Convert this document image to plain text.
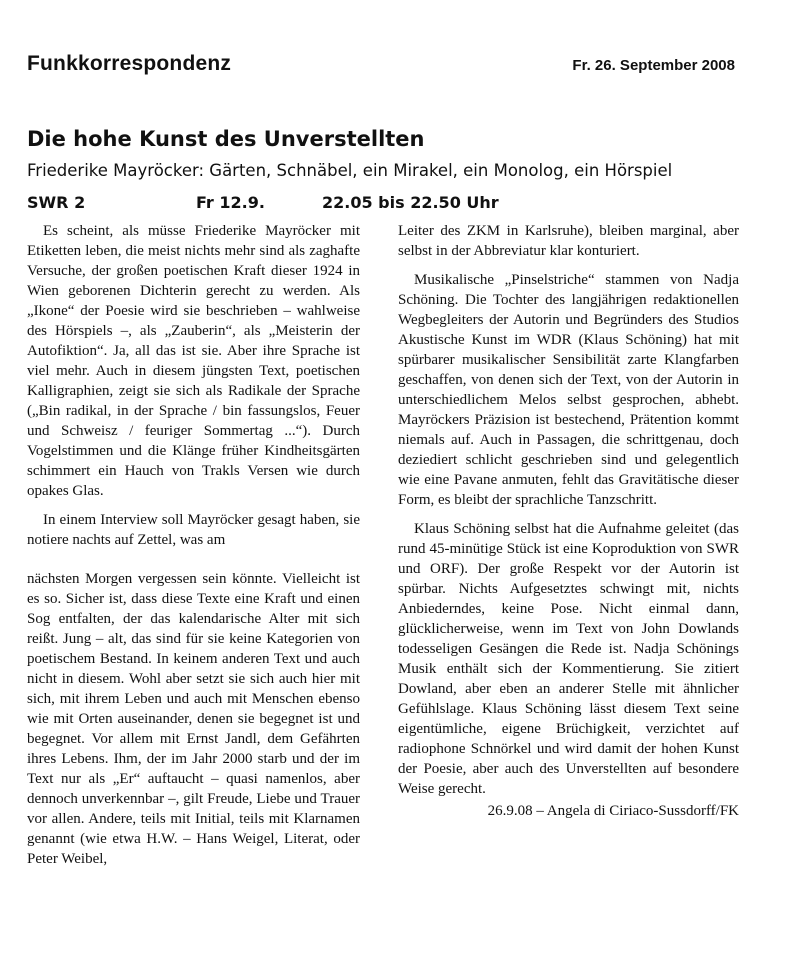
Funkkorrespondenz	Fr. 26. September 2008
Die hohe Kunst des Unverstellten
Friederike Mayröcker: Gärten, Schnäbel, ein Mirakel, ein Monolog, ein Hörspiel
SWR 2	Fr 12.9.	22.05 bis 22.50 Uhr

Es scheint, als müsse Friederike Mayröcker mit Etiketten leben, die meist nichts mehr sind als zaghafte Versuche, der großen poetischen Kraft dieser 1924 in Wien geborenen Dichterin gerecht zu werden. Als „Ikone“ der Poesie wird sie beschrieben – wahlweise des Hörspiels –, als „Zauberin“, als „Meisterin der Autofiktion“. Ja, all das ist sie. Aber ihre Sprache ist viel mehr. Auch in diesem jüngsten Text, poetischen Kalligraphien, zeigt sie sich als Radikale der Sprache („Bin radikal, in der Sprache / bin fassungslos, Feuer und Schweisz / feuriger Sommertag ...“). Durch Vogelstimmen und die Klänge früher Kindheitsgärten schimmert ein Hauch von Trakls Versen wie durch opakes Glas.

In einem Interview soll Mayröcker gesagt haben, sie notiere nachts auf Zettel, was am

nächsten Morgen vergessen sein könnte. Vielleicht ist es so. Sicher ist, dass diese Texte eine Kraft und einen Sog entfalten, der das kalendarische Alter mit sich reißt. Jung – alt, das sind für sie keine Kategorien von poetischem Bestand. In keinem anderen Text und auch nicht in diesem. Wohl aber setzt sie sich auch hier mit sich, mit ihrem Leben und auch mit Menschen ebenso wie mit Orten auseinander, denen sie begegnet ist und begegnet. Vor allem mit Ernst Jandl, dem Gefährten ihres Lebens. Ihm, der im Jahr 2000 starb und der im Text nur als „Er“ auftaucht – quasi namenlos, aber dennoch unverkennbar –, gilt Freude, Liebe und Trauer vor allen. Andere, teils mit Initial, teils mit Klarnamen genannt (wie etwa H.W. – Hans Weigel, Literat, oder Peter Weibel,

Leiter des ZKM in Karlsruhe), bleiben marginal, aber selbst in der Abbreviatur klar konturiert.

Musikalische „Pinselstriche“ stammen von Nadja Schöning. Die Tochter des langjährigen redaktionellen Wegbegleiters der Autorin und Begründers des Studios Akustische Kunst im WDR (Klaus Schöning) hat mit spürbarer musikalischer Sensibilität zarte Klangfarben geschaffen, von denen sich der Text, von der Autorin in unterschiedlichem Melos selbst gesprochen, abhebt. Mayröckers Präzision ist bestechend, Prätention kommt niemals auf. Auch in Passagen, die schrittgenau, doch deziediert schlicht geschrieben sind und gelegentlich wie eine Pavane anmuten, fehlt das Gravitätische dieser Form, es bleibt der sprachliche Tanzschritt.

Klaus Schöning selbst hat die Aufnahme geleitet (das rund 45-minütige Stück ist eine Koproduktion von SWR und ORF). Der große Respekt vor der Autorin ist spürbar. Nichts Aufgesetztes schwingt mit, nichts Anbiederndes, keine Pose. Nicht einmal dann, glücklicherweise, wenn im Text von John Dowlands todesseligen Gesängen die Rede ist. Nadja Schönings Musik enthält sich der Kommentierung. Sie zitiert Dowland, aber eben an anderer Stelle mit ähnlicher Gefühlslage. Klaus Schöning lässt diesem Text seine eigentümliche, eigene Brüchigkeit, verzichtet auf radiophone Schnörkel und wird damit der hohen Kunst der Poesie, aber auch des Unverstellten auf besondere Weise gerecht.

26.9.08 – Angela di Ciriaco-Sussdorff/FK
